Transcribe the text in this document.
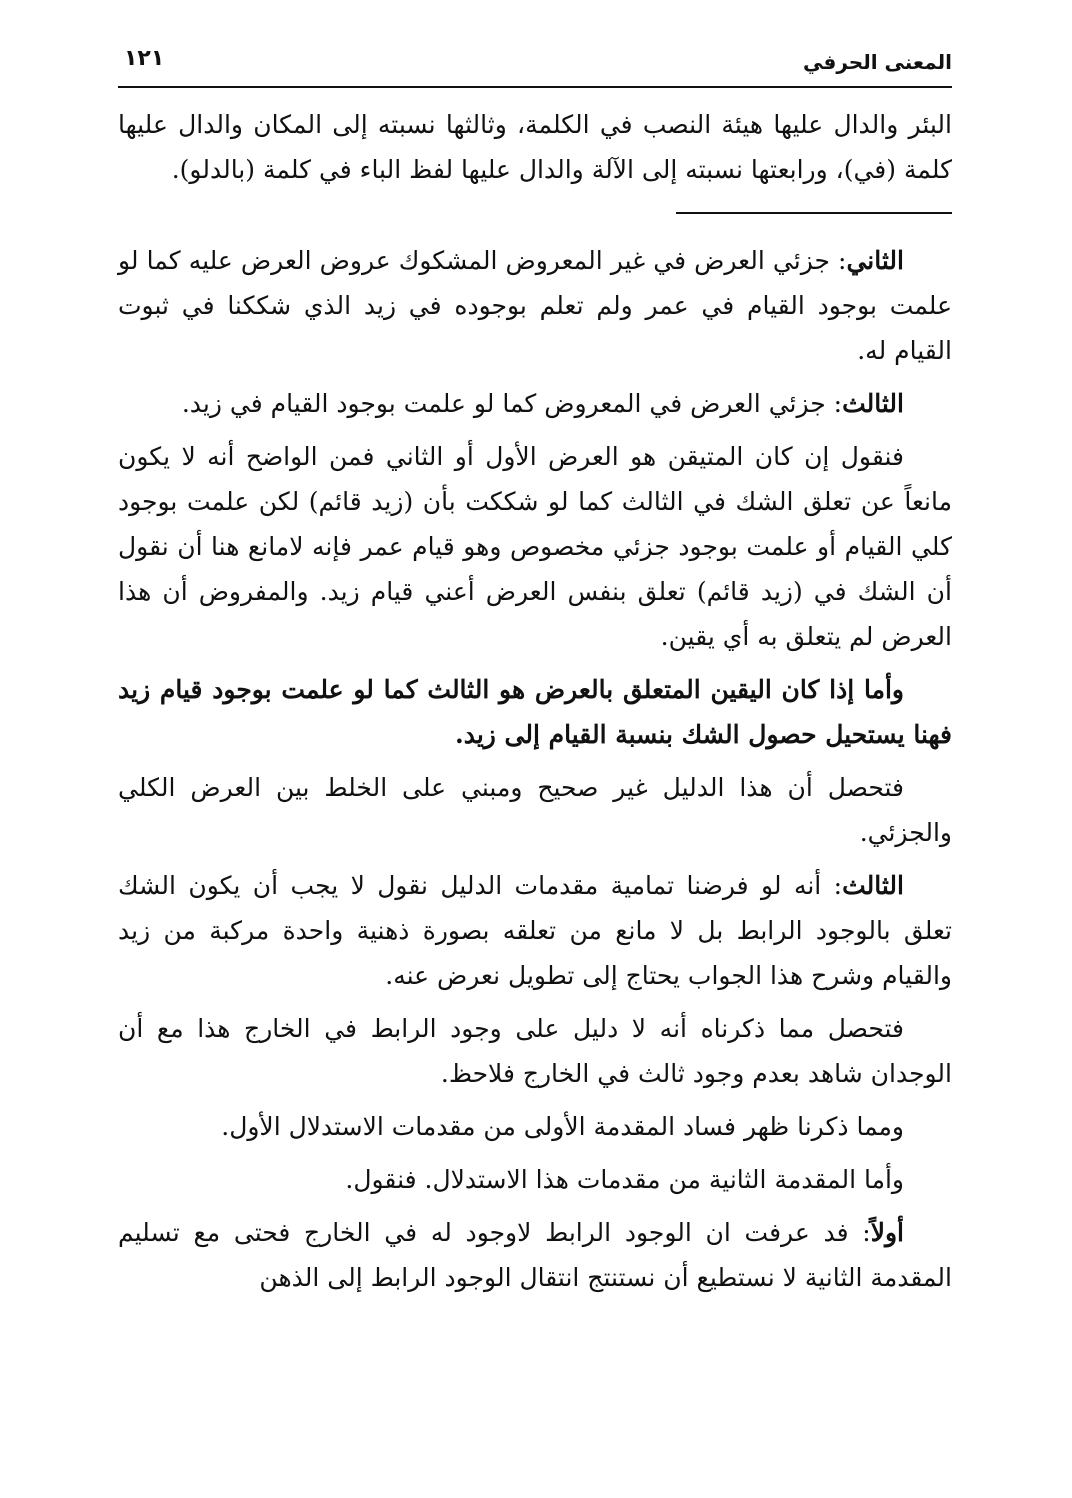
المعنى الحرفي
١٢١

البئر والدال عليها هيئة النصب في الكلمة، وثالثها نسبته إلى المكان والدال عليها كلمة (في)، ورابعتها نسبته إلى الآلة والدال عليها لفظ الباء في كلمة (بالدلو).

الثاني: جزئي العرض في غير المعروض المشكوك عروض العرض عليه كما لو علمت بوجود القيام في عمر ولم تعلم بوجوده في زيد الذي شككنا في ثبوت القيام له.

الثالث: جزئي العرض في المعروض كما لو علمت بوجود القيام في زيد.

فنقول إن كان المتيقن هو العرض الأول أو الثاني فمن الواضح أنه لا يكون مانعاً عن تعلق الشك في الثالث كما لو شككت بأن (زيد قائم) لكن علمت بوجود كلي القيام أو علمت بوجود جزئي مخصوص وهو قيام عمر فإنه لامانع هنا أن نقول أن الشك في (زيد قائم) تعلق بنفس العرض أعني قيام زيد. والمفروض أن هذا العرض لم يتعلق به أي يقين.

وأما إذا كان اليقين المتعلق بالعرض هو الثالث كما لو علمت بوجود قيام زيد فهنا يستحيل حصول الشك بنسبة القيام إلى زيد.

فتحصل أن هذا الدليل غير صحيح ومبني على الخلط بين العرض الكلي والجزئي.

الثالث: أنه لو فرضنا تمامية مقدمات الدليل نقول لا يجب أن يكون الشك تعلق بالوجود الرابط بل لا مانع من تعلقه بصورة ذهنية واحدة مركبة من زيد والقيام وشرح هذا الجواب يحتاج إلى تطويل نعرض عنه.

فتحصل مما ذكرناه أنه لا دليل على وجود الرابط في الخارج هذا مع أن الوجدان شاهد بعدم وجود ثالث في الخارج فلاحظ.

ومما ذكرنا ظهر فساد المقدمة الأولى من مقدمات الاستدلال الأول.

وأما المقدمة الثانية من مقدمات هذا الاستدلال. فنقول.

أولاً: فد عرفت ان الوجود الرابط لاوجود له في الخارج فحتى مع تسليم المقدمة الثانية لا نستطيع أن نستنتج انتقال الوجود الرابط إلى الذهن
